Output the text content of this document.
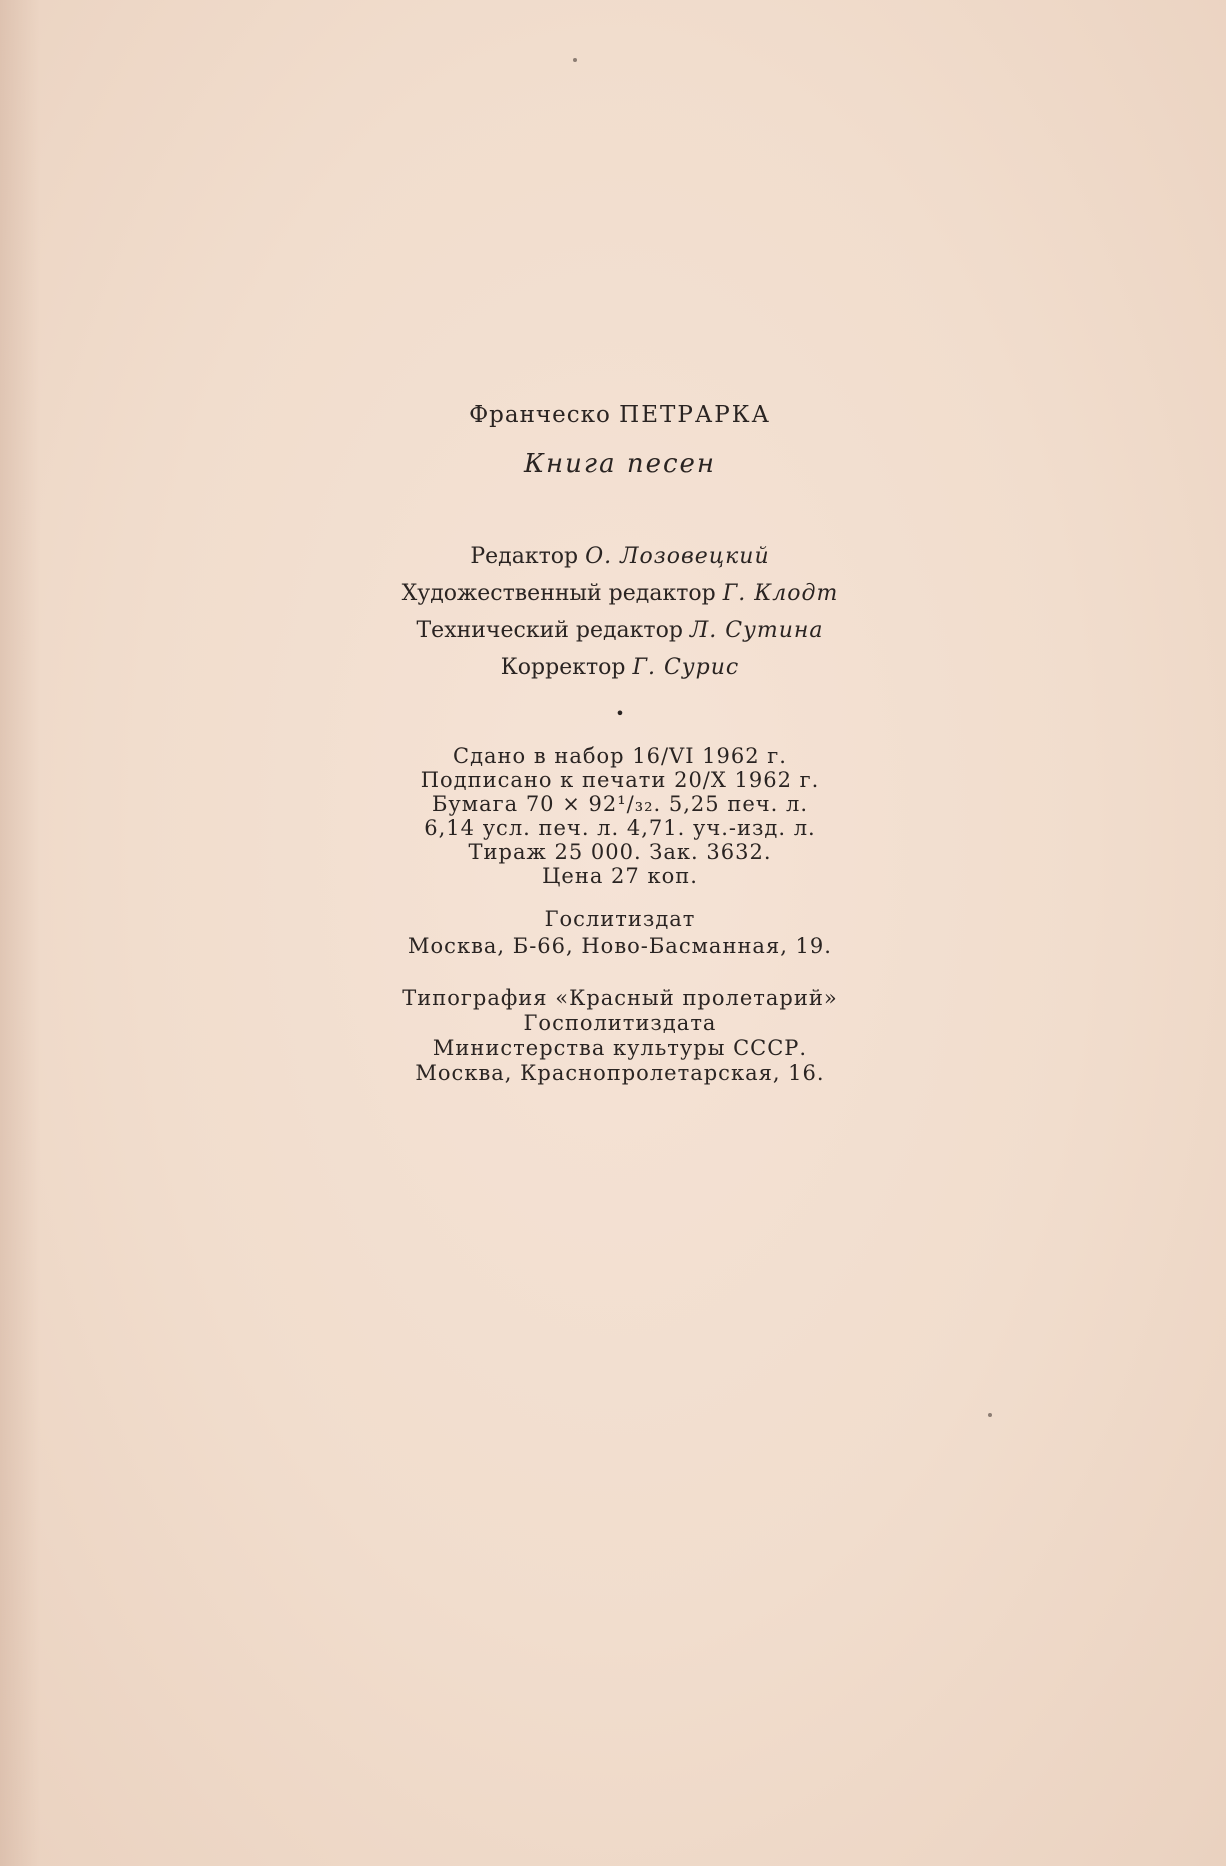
Франческо ПЕТРАРКА

Книга песен

Редактор О. Лозовецкий
Художественный редактор Г. Клодт
Технический редактор Л. Сутина
Корректор Г. Сурис
•
Сдано в набор 16/VI 1962 г.
Подписано к печати 20/X 1962 г.
Бумага 70 × 92¹/₃₂. 5,25 печ. л.
6,14 усл. печ. л. 4,71. уч.-изд. л.
Тираж 25 000. Зак. 3632.
Цена 27 коп.
Гослитиздат
Москва, Б-66, Ново-Басманная, 19.
Типография «Красный пролетарий»
Госполитиздата
Министерства культуры СССР.
Москва, Краснопролетарская, 16.
